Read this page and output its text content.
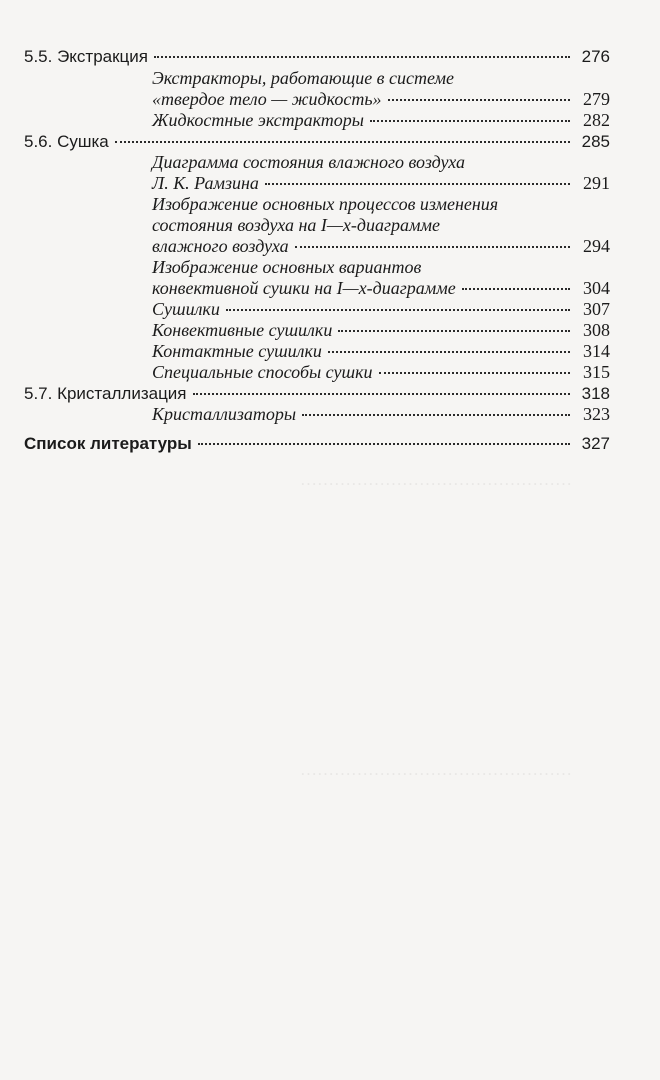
…………………………………………
…………………………………………
5.5. Экстракция	276
Экстракторы, работающие в системе
«твердое тело — жидкость»	279
Жидкостные экстракторы	282
5.6. Сушка	285
Диаграмма состояния влажного воздуха
Л. К. Рамзина	291
Изображение основных процессов изменения
состояния воздуха на I—x-диаграмме
влажного воздуха	294
Изображение основных вариантов
конвективной сушки на I—x-диаграмме	304
Сушилки	307
Конвективные сушилки	308
Контактные сушилки	314
Специальные способы сушки	315
5.7. Кристаллизация	318
Кристаллизаторы	323
Список литературы	327
